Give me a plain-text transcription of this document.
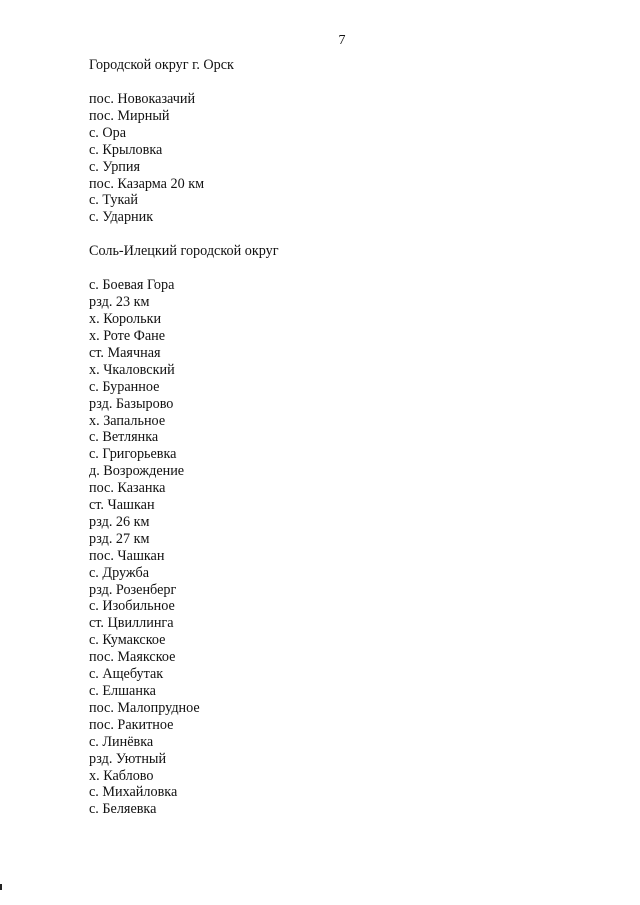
7
Городской округ г. Орск
пос. Новоказачий
пос. Мирный
с. Ора
с. Крыловка
с. Урпия
пос. Казарма 20 км
с. Тукай
с. Ударник
Соль-Илецкий городской округ
с. Боевая Гора
рзд. 23 км
х. Корольки
х. Роте Фане
ст. Маячная
х. Чкаловский
с. Буранное
рзд. Базырово
х. Запальное
с. Ветлянка
с. Григорьевка
д. Возрождение
пос. Казанка
ст. Чашкан
рзд. 26 км
рзд. 27 км
пос. Чашкан
с. Дружба
рзд. Розенберг
с. Изобильное
ст. Цвиллинга
с. Кумакское
пос. Маякское
с. Ащебутак
с. Елшанка
пос. Малопрудное
пос. Ракитное
с. Линёвка
рзд. Уютный
х. Каблово
с. Михайловка
с. Беляевка
